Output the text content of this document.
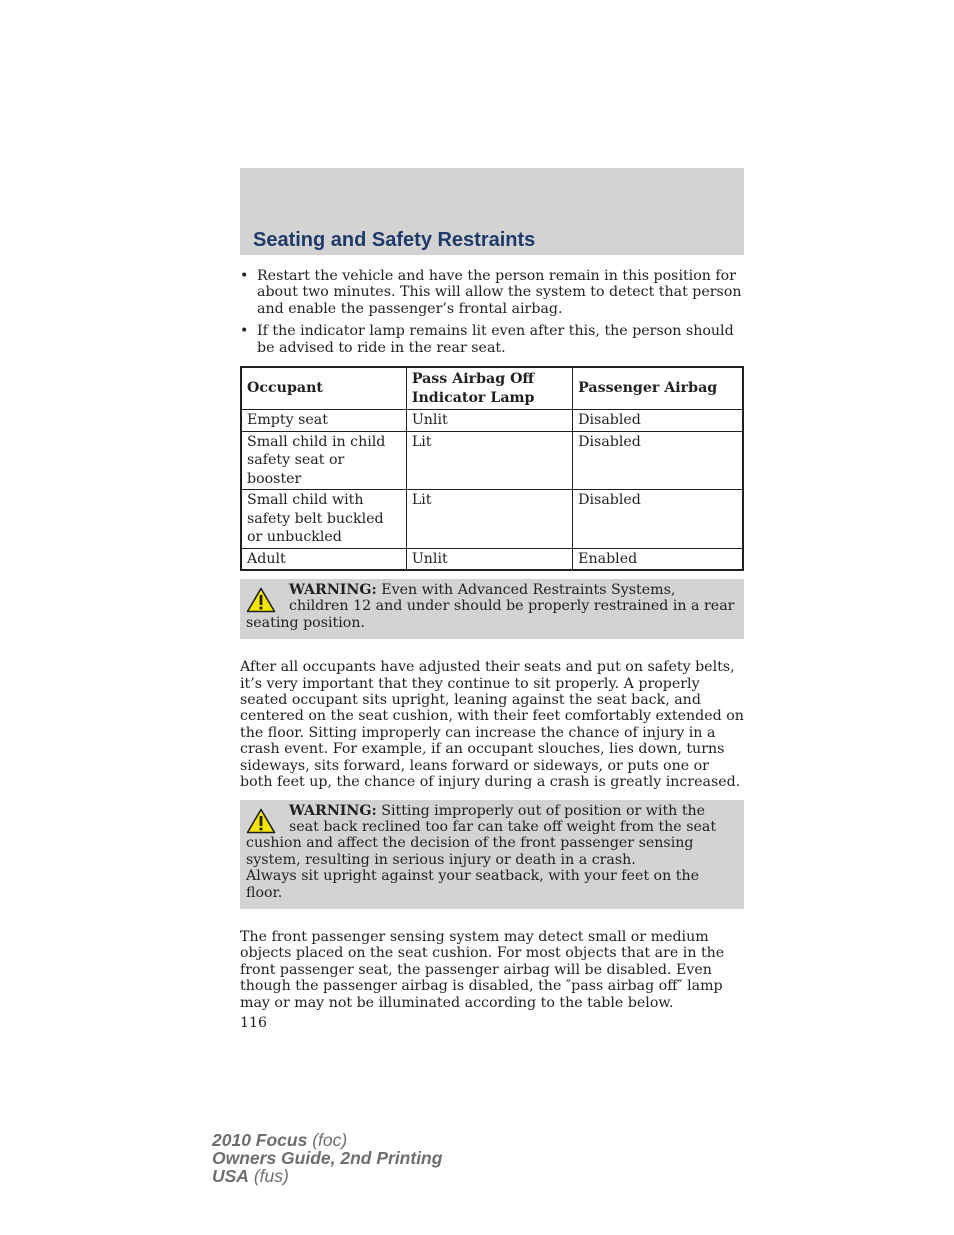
Seating and Safety Restraints
• Restart the vehicle and have the person remain in this position for about two minutes. This will allow the system to detect that person and enable the passenger’s frontal airbag.
• If the indicator lamp remains lit even after this, the person should be advised to ride in the rear seat.
Occupant	Pass Airbag Off Indicator Lamp	Passenger Airbag
Empty seat	Unlit	Disabled
Small child in child safety seat or booster	Lit	Disabled
Small child with safety belt buckled or unbuckled	Lit	Disabled
Adult	Unlit	Enabled
WARNING: Even with Advanced Restraints Systems, children 12 and under should be properly restrained in a rear seating position.

After all occupants have adjusted their seats and put on safety belts, it’s very important that they continue to sit properly. A properly seated occupant sits upright, leaning against the seat back, and centered on the seat cushion, with their feet comfortably extended on the floor. Sitting improperly can increase the chance of injury in a crash event. For example, if an occupant slouches, lies down, turns sideways, sits forward, leans forward or sideways, or puts one or both feet up, the chance of injury during a crash is greatly increased.

WARNING: Sitting improperly out of position or with the seat back reclined too far can take off weight from the seat cushion and affect the decision of the front passenger sensing system, resulting in serious injury or death in a crash.
Always sit upright against your seatback, with your feet on the floor.

The front passenger sensing system may detect small or medium objects placed on the seat cushion. For most objects that are in the front passenger seat, the passenger airbag will be disabled. Even though the passenger airbag is disabled, the ″pass airbag off″ lamp may or may not be illuminated according to the table below.

116
2010 Focus (foc)
Owners Guide, 2nd Printing
USA (fus)
